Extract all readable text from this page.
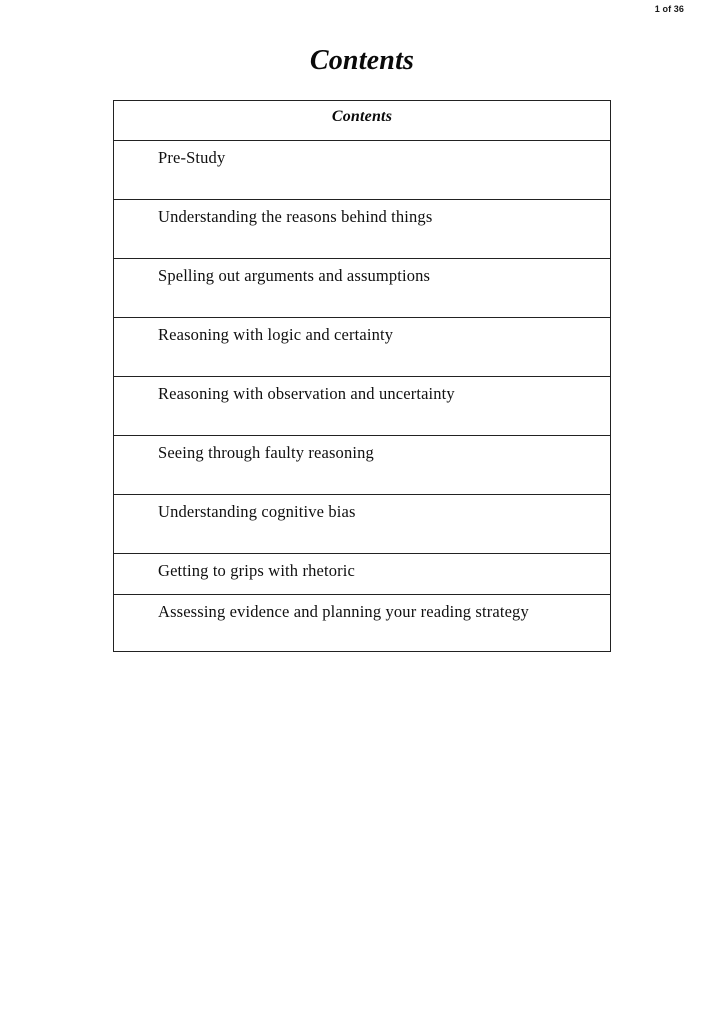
1 of 36
Contents
Contents

Pre-Study

Understanding the reasons behind things

Spelling out arguments and assumptions

Reasoning with logic and certainty

Reasoning with observation and uncertainty

Seeing through faulty reasoning

Understanding cognitive bias

Getting to grips with rhetoric

Assessing evidence and planning your reading strategy
